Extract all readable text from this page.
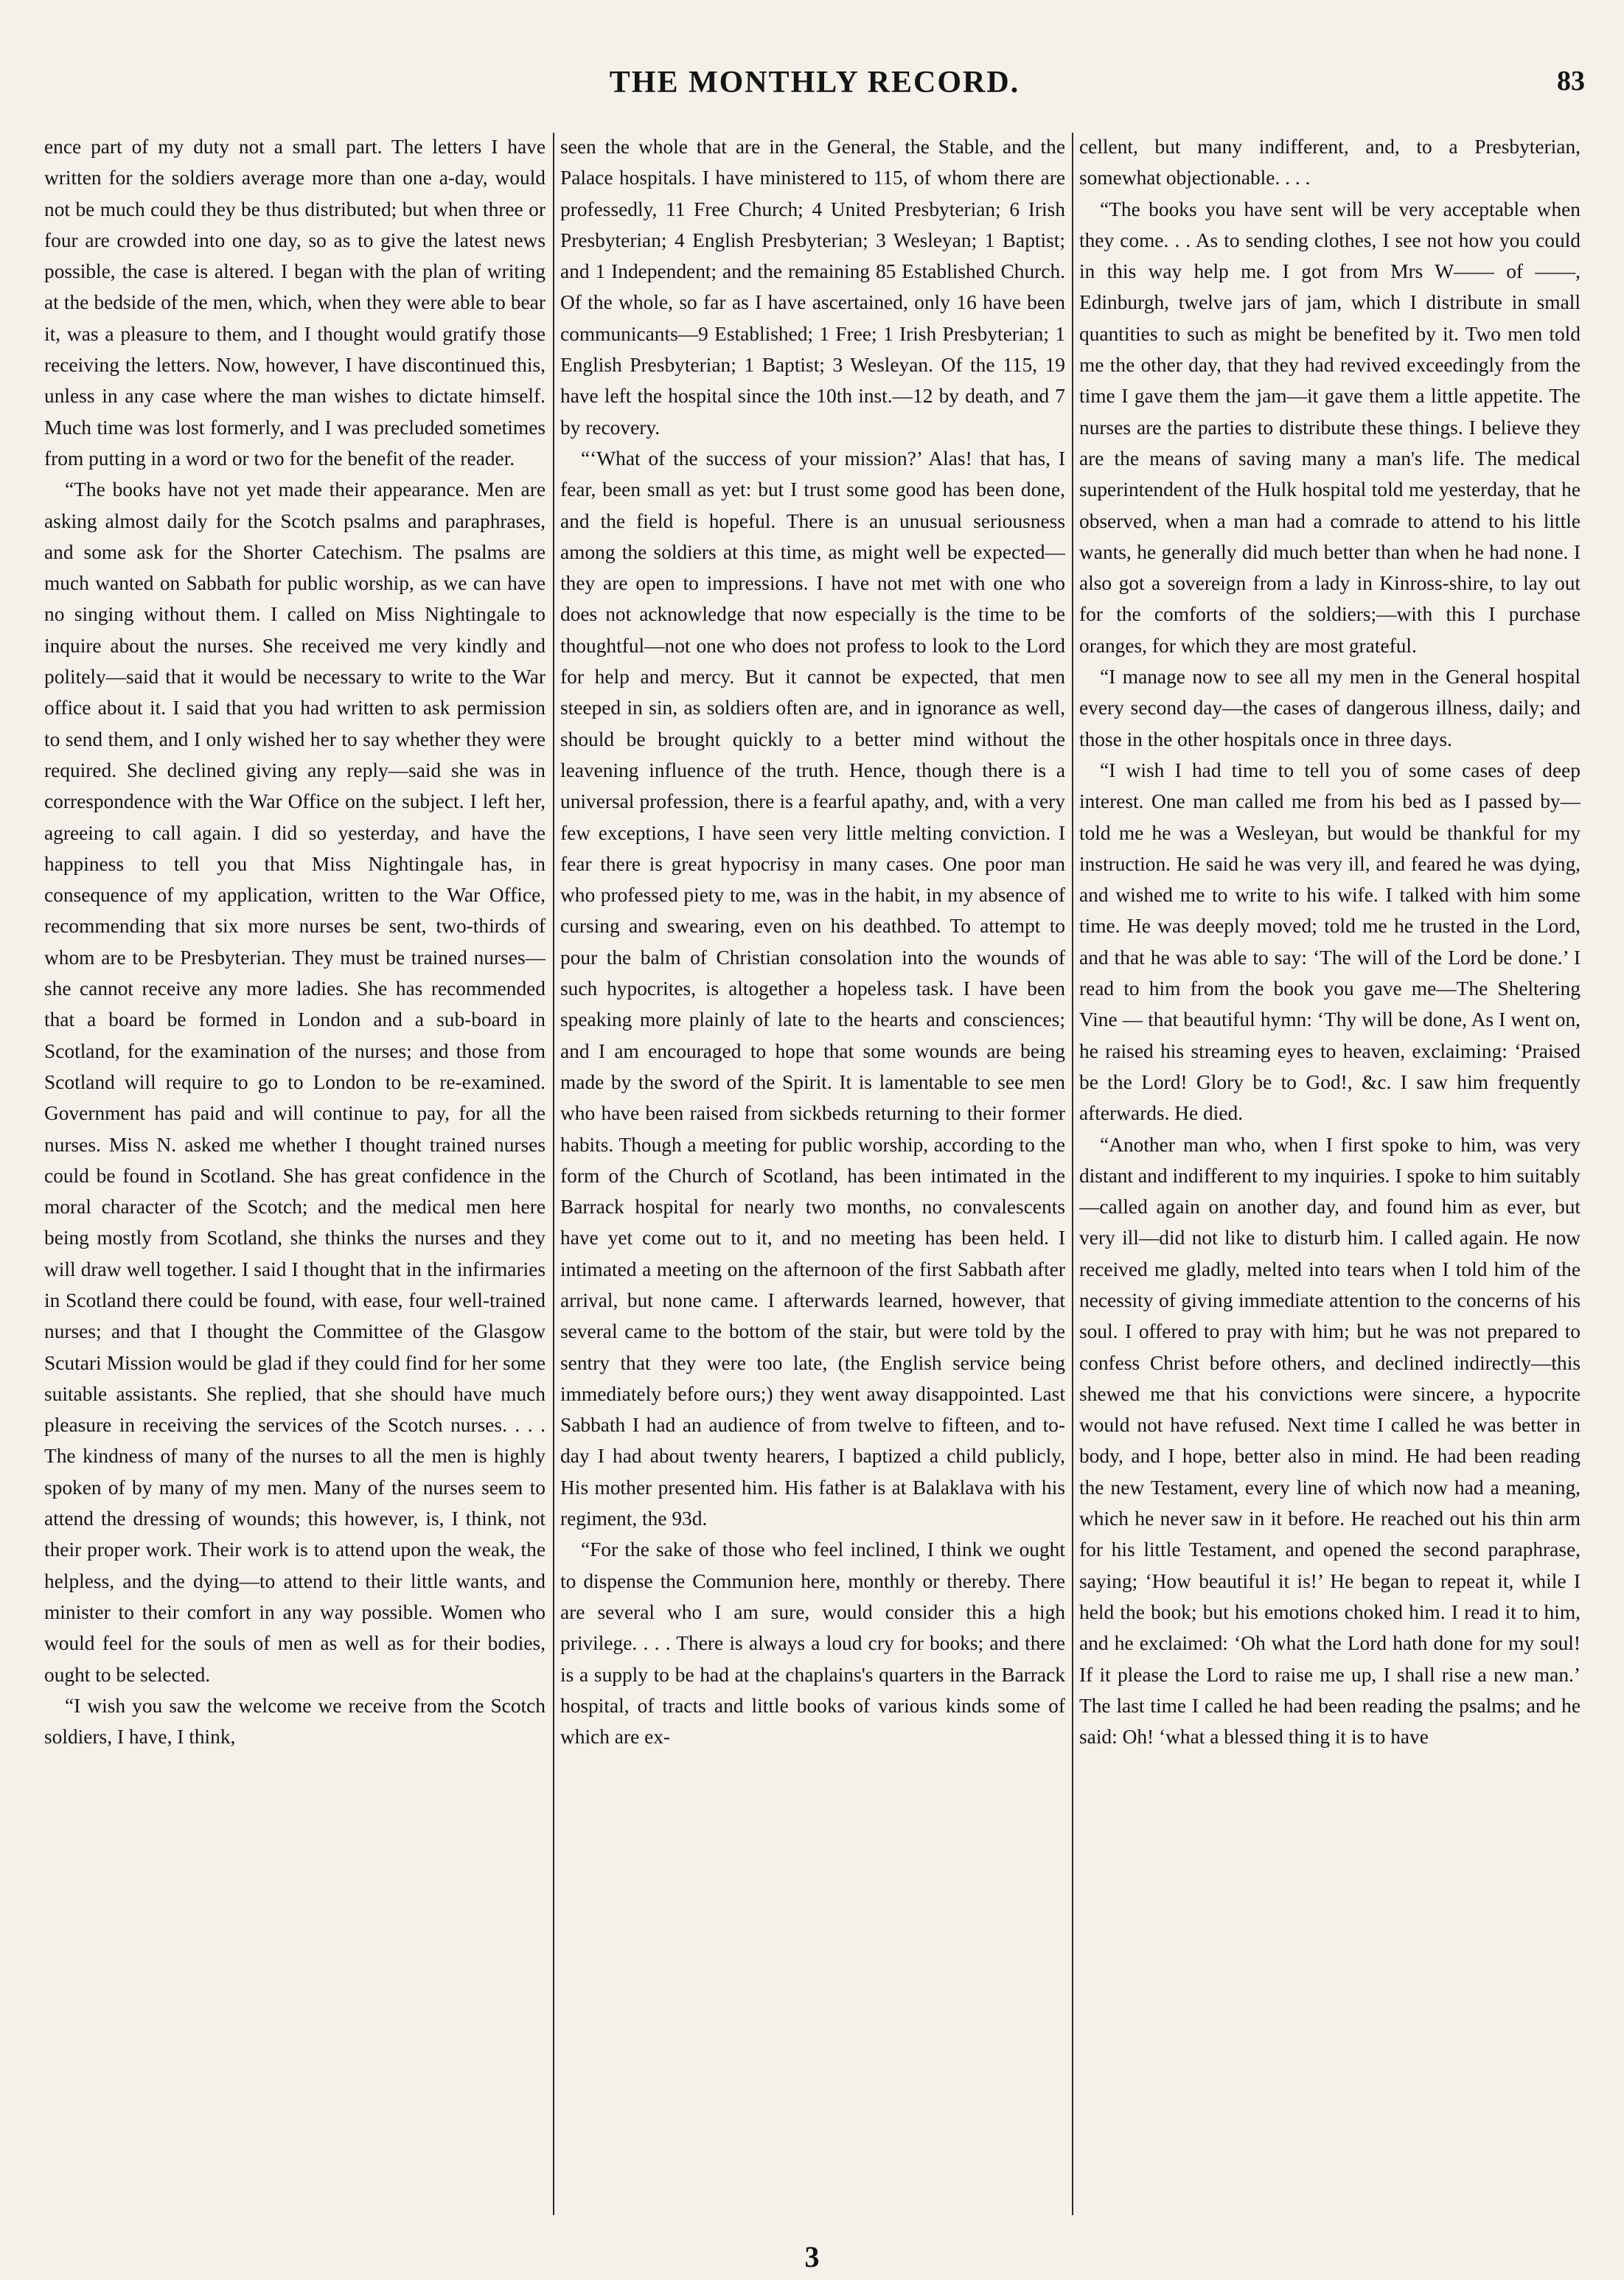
THE MONTHLY RECORD.	83

ence part of my duty not a small part. The letters I have written for the soldiers average more than one a-day, would not be much could they be thus distributed; but when three or four are crowded into one day, so as to give the latest news possible, the case is altered. I began with the plan of writing at the bedside of the men, which, when they were able to bear it, was a pleasure to them, and I thought would gratify those receiving the letters. Now, however, I have discontinued this, unless in any case where the man wishes to dictate himself. Much time was lost formerly, and I was precluded sometimes from putting in a word or two for the benefit of the reader.

“The books have not yet made their appearance. Men are asking almost daily for the Scotch psalms and paraphrases, and some ask for the Shorter Catechism. The psalms are much wanted on Sabbath for public worship, as we can have no singing without them. I called on Miss Nightingale to inquire about the nurses. She received me very kindly and politely—said that it would be necessary to write to the War office about it. I said that you had written to ask permission to send them, and I only wished her to say whether they were required. She declined giving any reply—said she was in correspondence with the War Office on the subject. I left her, agreeing to call again. I did so yesterday, and have the happiness to tell you that Miss Nightingale has, in consequence of my application, written to the War Office, recommending that six more nurses be sent, two-thirds of whom are to be Presbyterian. They must be trained nurses—she cannot receive any more ladies. She has recommended that a board be formed in London and a sub-board in Scotland, for the examination of the nurses; and those from Scotland will require to go to London to be re-examined. Government has paid and will continue to pay, for all the nurses. Miss N. asked me whether I thought trained nurses could be found in Scotland. She has great confidence in the moral character of the Scotch; and the medical men here being mostly from Scotland, she thinks the nurses and they will draw well together. I said I thought that in the infirmaries in Scotland there could be found, with ease, four well-trained nurses; and that I thought the Committee of the Glasgow Scutari Mission would be glad if they could find for her some suitable assistants. She replied, that she should have much pleasure in receiving the services of the Scotch nurses. . . . The kindness of many of the nurses to all the men is highly spoken of by many of my men. Many of the nurses seem to attend the dressing of wounds; this however, is, I think, not their proper work. Their work is to attend upon the weak, the helpless, and the dying—to attend to their little wants, and minister to their comfort in any way possible. Women who would feel for the souls of men as well as for their bodies, ought to be selected.

“I wish you saw the welcome we receive from the Scotch soldiers, I have, I think,

seen the whole that are in the General, the Stable, and the Palace hospitals. I have ministered to 115, of whom there are professedly, 11 Free Church; 4 United Presbyterian; 6 Irish Presbyterian; 4 English Presbyterian; 3 Wesleyan; 1 Baptist; and 1 Independent; and the remaining 85 Established Church. Of the whole, so far as I have ascertained, only 16 have been communicants—9 Established; 1 Free; 1 Irish Presbyterian; 1 English Presbyterian; 1 Baptist; 3 Wesleyan. Of the 115, 19 have left the hospital since the 10th inst.—12 by death, and 7 by recovery.

“‘What of the success of your mission?’ Alas! that has, I fear, been small as yet: but I trust some good has been done, and the field is hopeful. There is an unusual seriousness among the soldiers at this time, as might well be expected—they are open to impressions. I have not met with one who does not acknowledge that now especially is the time to be thoughtful—not one who does not profess to look to the Lord for help and mercy. But it cannot be expected, that men steeped in sin, as soldiers often are, and in ignorance as well, should be brought quickly to a better mind without the leavening influence of the truth. Hence, though there is a universal profession, there is a fearful apathy, and, with a very few exceptions, I have seen very little melting conviction. I fear there is great hypocrisy in many cases. One poor man who professed piety to me, was in the habit, in my absence of cursing and swearing, even on his deathbed. To attempt to pour the balm of Christian consolation into the wounds of such hypocrites, is altogether a hopeless task. I have been speaking more plainly of late to the hearts and consciences; and I am encouraged to hope that some wounds are being made by the sword of the Spirit. It is lamentable to see men who have been raised from sickbeds returning to their former habits. Though a meeting for public worship, according to the form of the Church of Scotland, has been intimated in the Barrack hospital for nearly two months, no convalescents have yet come out to it, and no meeting has been held. I intimated a meeting on the afternoon of the first Sabbath after arrival, but none came. I afterwards learned, however, that several came to the bottom of the stair, but were told by the sentry that they were too late, (the English service being immediately before ours;) they went away disappointed. Last Sabbath I had an audience of from twelve to fifteen, and to-day I had about twenty hearers, I baptized a child publicly, His mother presented him. His father is at Balaklava with his regiment, the 93d.

“For the sake of those who feel inclined, I think we ought to dispense the Communion here, monthly or thereby. There are several who I am sure, would consider this a high privilege. . . . There is always a loud cry for books; and there is a supply to be had at the chaplains's quarters in the Barrack hospital, of tracts and little books of various kinds some of which are ex-

cellent, but many indifferent, and, to a Presbyterian, somewhat objectionable. . . .

“The books you have sent will be very acceptable when they come. . . As to sending clothes, I see not how you could in this way help me. I got from Mrs W—— of ——, Edinburgh, twelve jars of jam, which I distribute in small quantities to such as might be benefited by it. Two men told me the other day, that they had revived exceedingly from the time I gave them the jam—it gave them a little appetite. The nurses are the parties to distribute these things. I believe they are the means of saving many a man's life. The medical superintendent of the Hulk hospital told me yesterday, that he observed, when a man had a comrade to attend to his little wants, he generally did much better than when he had none. I also got a sovereign from a lady in Kinross-shire, to lay out for the comforts of the soldiers;—with this I purchase oranges, for which they are most grateful.

“I manage now to see all my men in the General hospital every second day—the cases of dangerous illness, daily; and those in the other hospitals once in three days.

“I wish I had time to tell you of some cases of deep interest. One man called me from his bed as I passed by—told me he was a Wesleyan, but would be thankful for my instruction. He said he was very ill, and feared he was dying, and wished me to write to his wife. I talked with him some time. He was deeply moved; told me he trusted in the Lord, and that he was able to say: ‘The will of the Lord be done.’ I read to him from the book you gave me—The Sheltering Vine — that beautiful hymn: ‘Thy will be done, As I went on, he raised his streaming eyes to heaven, exclaiming: ‘Praised be the Lord! Glory be to God!, &c. I saw him frequently afterwards. He died.

“Another man who, when I first spoke to him, was very distant and indifferent to my inquiries. I spoke to him suitably—called again on another day, and found him as ever, but very ill—did not like to disturb him. I called again. He now received me gladly, melted into tears when I told him of the necessity of giving immediate attention to the concerns of his soul. I offered to pray with him; but he was not prepared to confess Christ before others, and declined indirectly—this shewed me that his convictions were sincere, a hypocrite would not have refused. Next time I called he was better in body, and I hope, better also in mind. He had been reading the new Testament, every line of which now had a meaning, which he never saw in it before. He reached out his thin arm for his little Testament, and opened the second paraphrase, saying; ‘How beautiful it is!’ He began to repeat it, while I held the book; but his emotions choked him. I read it to him, and he exclaimed: ‘Oh what the Lord hath done for my soul! If it please the Lord to raise me up, I shall rise a new man.’ The last time I called he had been reading the psalms; and he said: Oh! ‘what a blessed thing it is to have

3
